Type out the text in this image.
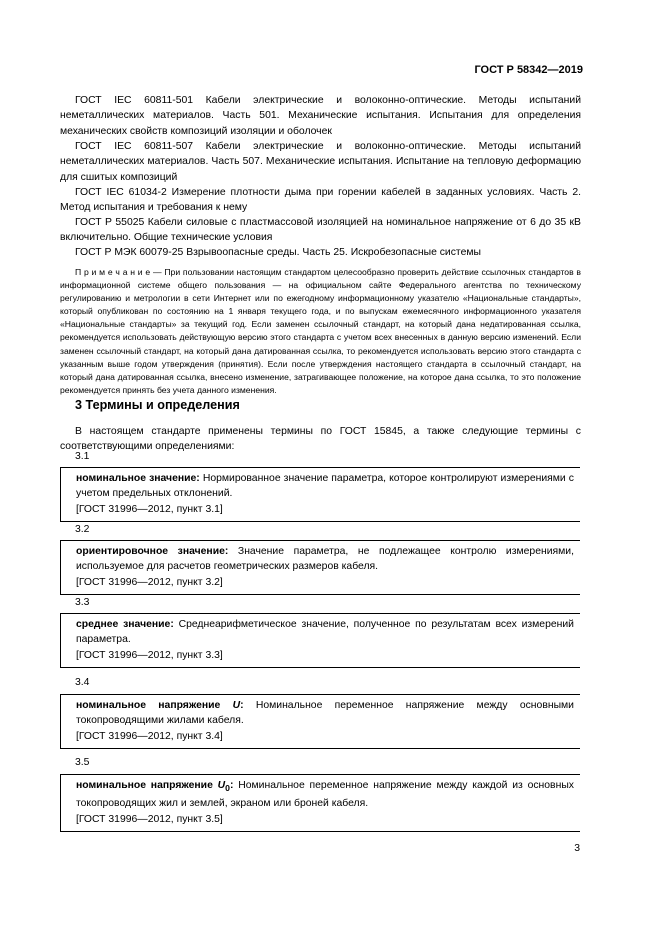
ГОСТ Р 58342—2019
ГОСТ IEC 60811-501 Кабели электрические и волоконно-оптические. Методы испытаний неметаллических материалов. Часть 501. Механические испытания. Испытания для определения механических свойств композиций изоляции и оболочек
ГОСТ IEC 60811-507 Кабели электрические и волоконно-оптические. Методы испытаний неметаллических материалов. Часть 507. Механические испытания. Испытание на тепловую деформацию для сшитых композиций
ГОСТ IEC 61034-2 Измерение плотности дыма при горении кабелей в заданных условиях. Часть 2. Метод испытания и требования к нему
ГОСТ Р 55025 Кабели силовые с пластмассовой изоляцией на номинальное напряжение от 6 до 35 кВ включительно. Общие технические условия
ГОСТ Р МЭК 60079-25 Взрывоопасные среды. Часть 25. Искробезопасные системы
П р и м е ч а н и е — При пользовании настоящим стандартом целесообразно проверить действие ссылочных стандартов в информационной системе общего пользования — на официальном сайте Федерального агентства по техническому регулированию и метрологии в сети Интернет или по ежегодному информационному указателю «Национальные стандарты», который опубликован по состоянию на 1 января текущего года, и по выпускам ежемесячного информационного указателя «Национальные стандарты» за текущий год. Если заменен ссылочный стандарт, на который дана недатированная ссылка, рекомендуется использовать действующую версию этого стандарта с учетом всех внесенных в данную версию изменений. Если заменен ссылочный стандарт, на который дана датированная ссылка, то рекомендуется использовать версию этого стандарта с указанным выше годом утверждения (принятия). Если после утверждения настоящего стандарта в ссылочный стандарт, на который дана датированная ссылка, внесено изменение, затрагивающее положение, на которое дана ссылка, то это положение рекомендуется принять без учета данного изменения.
3 Термины и определения
В настоящем стандарте применены термины по ГОСТ 15845, а также следующие термины с соответствующими определениями:
3.1
номинальное значение: Нормированное значение параметра, которое контролируют измерениями с учетом предельных отклонений.
[ГОСТ 31996—2012, пункт 3.1]
3.2
ориентировочное значение: Значение параметра, не подлежащее контролю измерениями, используемое для расчетов геометрических размеров кабеля.
[ГОСТ 31996—2012, пункт 3.2]
3.3
среднее значение: Среднеарифметическое значение, полученное по результатам всех измерений параметра.
[ГОСТ 31996—2012, пункт 3.3]
3.4
номинальное напряжение U: Номинальное переменное напряжение между основными токопроводящими жилами кабеля.
[ГОСТ 31996—2012, пункт 3.4]
3.5
номинальное напряжение $U_0$: Номинальное переменное напряжение между каждой из основных токопроводящих жил и землей, экраном или броней кабеля.
[ГОСТ 31996—2012, пункт 3.5]
3
